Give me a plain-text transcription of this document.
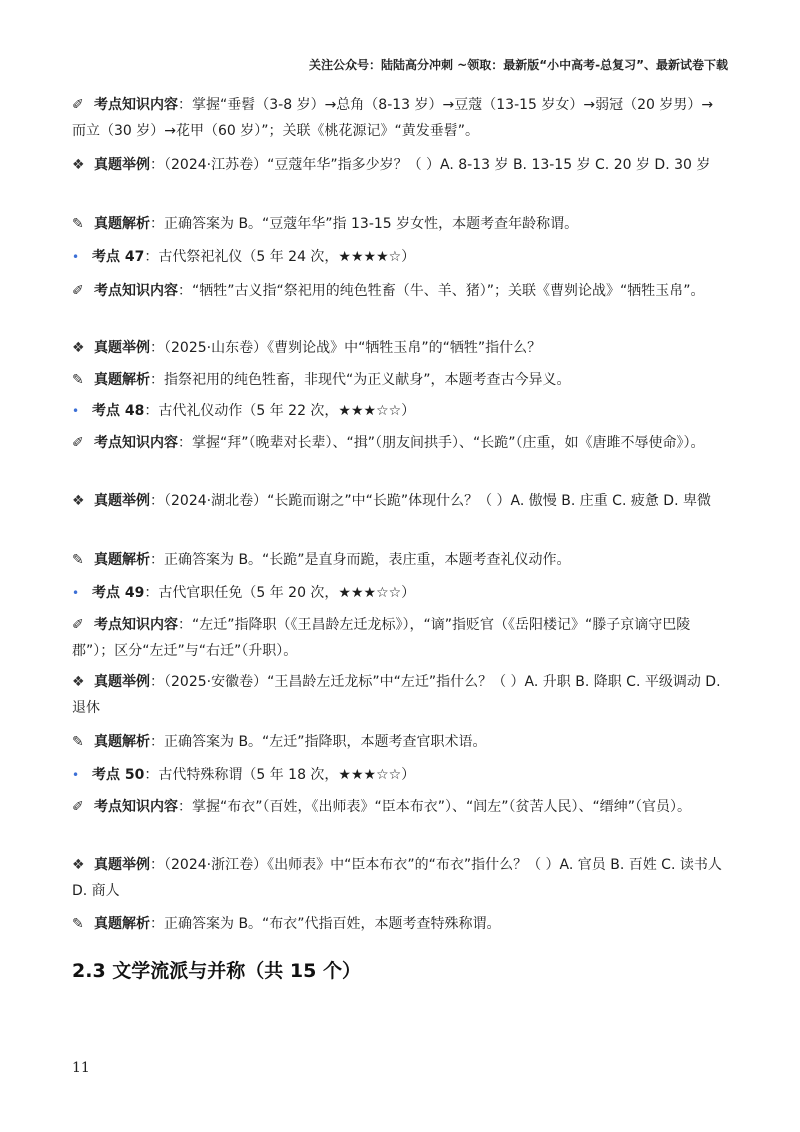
关注公众号：陆陆高分冲刺 ~领取：最新版“小中高考-总复习”、最新试卷下载
✐ 考点知识内容：掌握“垂髫（3-8 岁）→总角（8-13 岁）→豆蔻（13-15 岁女）→弱冠（20 岁男）→而立（30 岁）→花甲（60 岁）”；关联《桃花源记》“黄发垂髫”。
❖ 真题举例：（2024·江苏卷）“豆蔻年华”指多少岁？（ ）A. 8-13 岁 B. 13-15 岁 C. 20 岁 D. 30 岁
✎ 真题解析：正确答案为 B。“豆蔻年华”指 13-15 岁女性，本题考查年龄称谓。
• 考点 47：古代祭祀礼仪（5 年 24 次，★★★★☆）
✐ 考点知识内容：“牺牲”古义指“祭祀用的纯色牲畜（牛、羊、猪）”；关联《曹刿论战》“牺牲玉帛”。
❖ 真题举例：（2025·山东卷）《曹刿论战》中“牺牲玉帛”的“牺牲”指什么？
✎ 真题解析：指祭祀用的纯色牲畜，非现代“为正义献身”，本题考查古今异义。
• 考点 48：古代礼仪动作（5 年 22 次，★★★☆☆）
✐ 考点知识内容：掌握“拜”（晚辈对长辈）、“揖”（朋友间拱手）、“长跪”（庄重，如《唐雎不辱使命》）。
❖ 真题举例：（2024·湖北卷）“长跪而谢之”中“长跪”体现什么？（ ）A. 傲慢 B. 庄重 C. 疲惫 D. 卑微
✎ 真题解析：正确答案为 B。“长跪”是直身而跪，表庄重，本题考查礼仪动作。
• 考点 49：古代官职任免（5 年 20 次，★★★☆☆）
✐ 考点知识内容：“左迁”指降职（《王昌龄左迁龙标》），“谪”指贬官（《岳阳楼记》“滕子京谪守巴陵郡”）；区分“左迁”与“右迁”（升职）。
❖ 真题举例：（2025·安徽卷）“王昌龄左迁龙标”中“左迁”指什么？（ ）A. 升职 B. 降职 C. 平级调动 D. 退休
✎ 真题解析：正确答案为 B。“左迁”指降职，本题考查官职术语。
• 考点 50：古代特殊称谓（5 年 18 次，★★★☆☆）
✐ 考点知识内容：掌握“布衣”（百姓，《出师表》“臣本布衣”）、“闾左”（贫苦人民）、“缙绅”（官员）。
❖ 真题举例：（2024·浙江卷）《出师表》中“臣本布衣”的“布衣”指什么？（ ）A. 官员 B. 百姓 C. 读书人 D. 商人
✎ 真题解析：正确答案为 B。“布衣”代指百姓，本题考查特殊称谓。
2.3 文学流派与并称（共 15 个）
11
